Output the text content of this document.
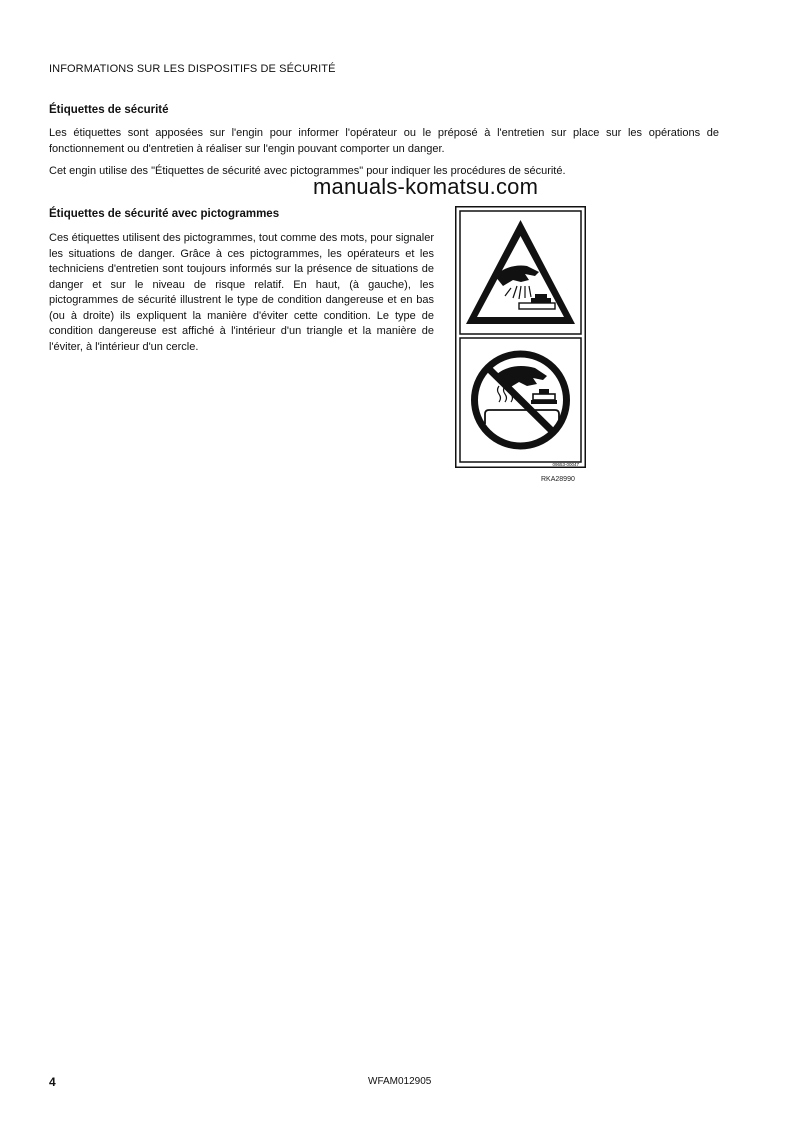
INFORMATIONS SUR LES DISPOSITIFS DE SÉCURITÉ
Étiquettes de sécurité
Les étiquettes sont apposées sur l'engin pour informer l'opérateur ou le préposé à l'entretien sur place sur les opérations de fonctionnement ou d'entretien à réaliser sur l'engin pouvant comporter un danger.
Cet engin utilise des "Étiquettes de sécurité avec pictogrammes" pour indiquer les procédures de sécurité.
manuals-komatsu.com
Étiquettes de sécurité avec pictogrammes
Ces étiquettes utilisent des pictogrammes, tout comme des mots, pour signaler les situations de danger. Grâce à ces pictogrammes, les opérateurs et les techniciens d'entretien sont toujours informés sur la présence de situations de danger et sur le niveau de risque relatif. En haut, (à gauche), les pictogrammes de sécurité illustrent le type de condition dangereuse et en bas (ou à droite) ils expliquent la manière d'éviter cette condition. Le type de condition dangereuse est affiché à l'intérieur d'un triangle et la manière de l'éviter, à l'intérieur d'un cercle.
09653-00047
RKA28990
4	WFAM012905
